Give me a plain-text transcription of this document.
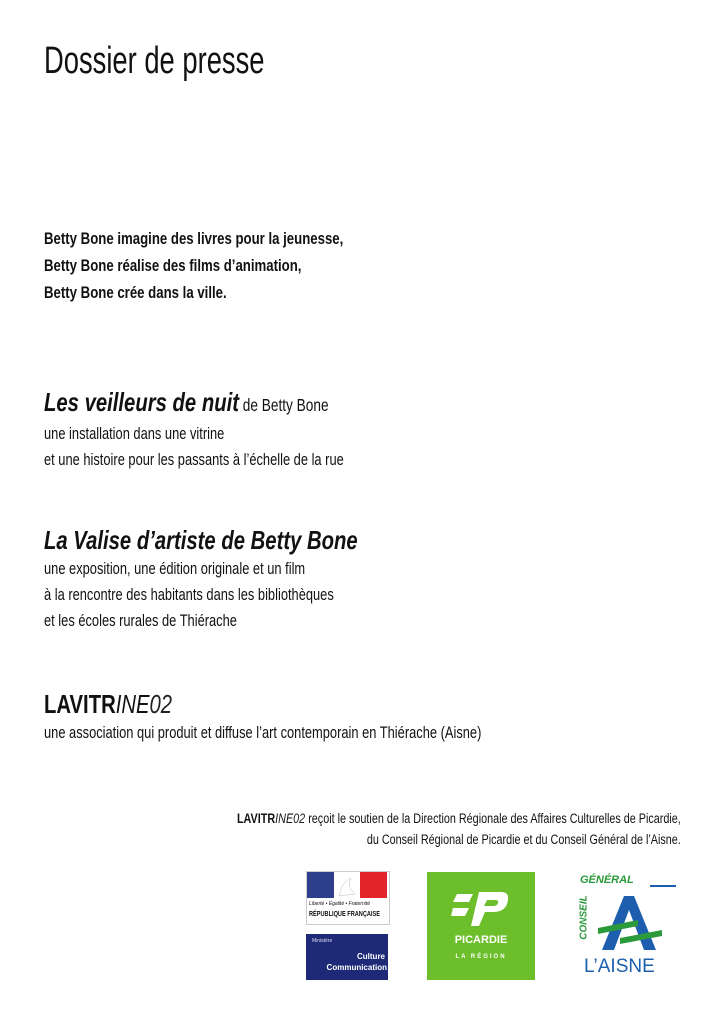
Dossier de presse
Betty Bone imagine des livres pour la jeunesse,
Betty Bone réalise des films d’animation,
Betty Bone crée dans la ville.
Les veilleurs de nuit de Betty Bone
une installation dans une vitrine
et une histoire pour les passants à l’échelle de la rue
La Valise d’artiste de Betty Bone
une exposition, une édition originale et un film
à la rencontre des habitants dans les bibliothèques
et les écoles rurales de Thiérache
LAVITRINE02
une association qui produit et diffuse l’art contemporain en Thiérache (Aisne)
LAVITRINE02 reçoit le soutien de la Direction Régionale des Affaires Culturelles de Picardie,
du Conseil Régional de Picardie et du Conseil Général de l’Aisne.
Liberté • Égalité • Fraternité
RÉPUBLIQUE FRANÇAISE
Ministère
Culture
Communication
PICARDIE
LA RÉGION
GÉNÉRAL
CONSEIL
L’AISNE
